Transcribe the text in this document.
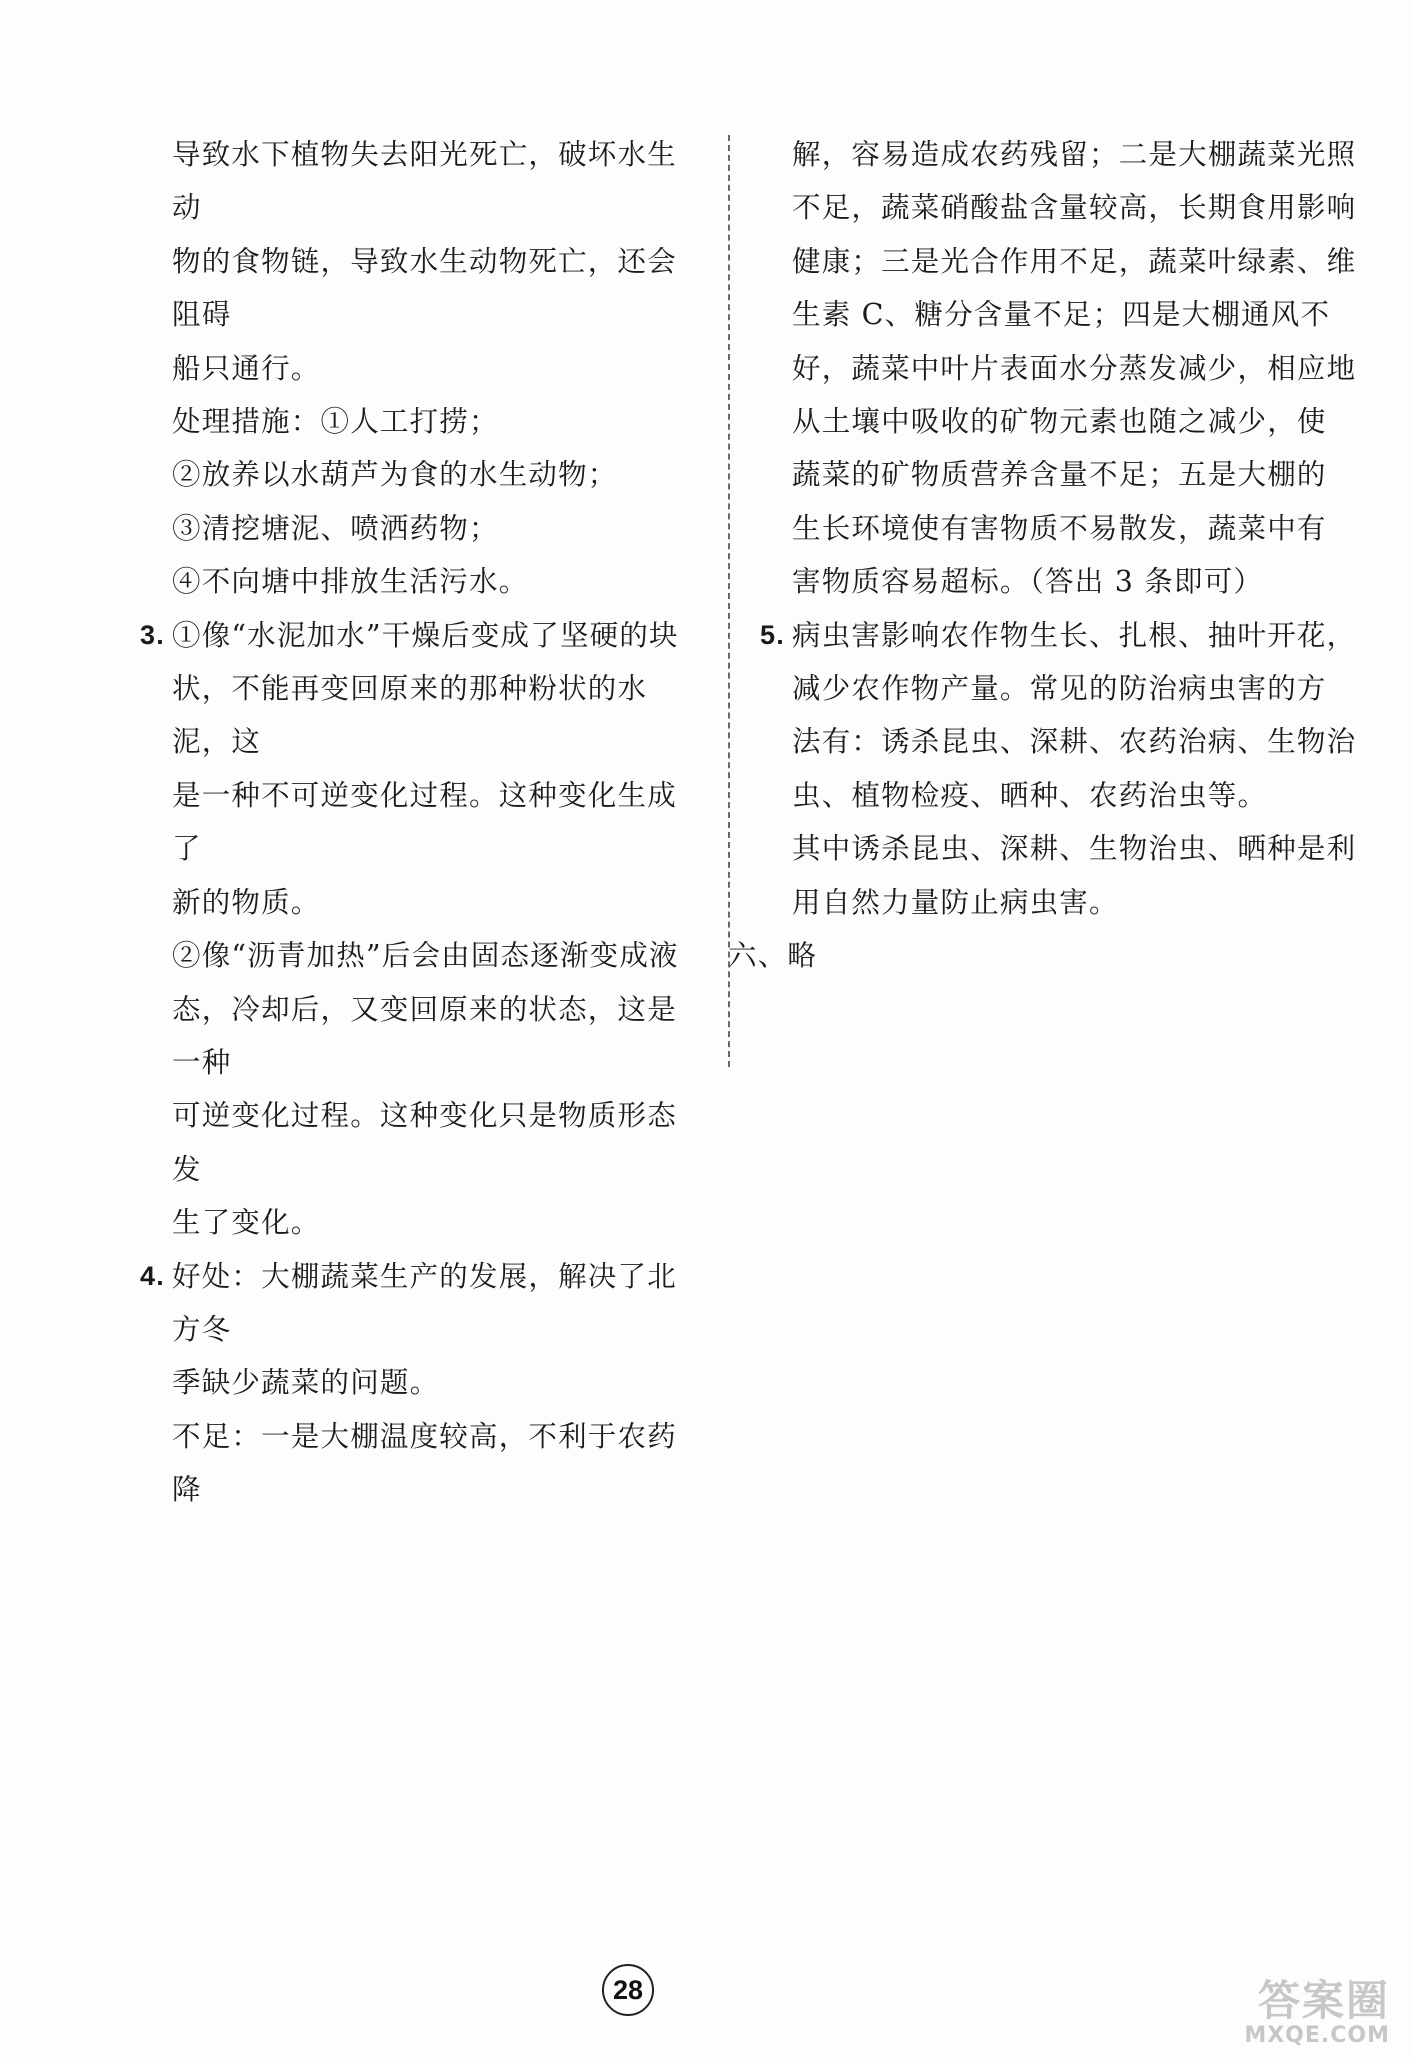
导致水下植物失去阳光死亡，破坏水生动
物的食物链，导致水生动物死亡，还会阻碍
船只通行。
处理措施：①人工打捞；
②放养以水葫芦为食的水生动物；
③清挖塘泥、喷洒药物；
④不向塘中排放生活污水。
3. ①像“水泥加水”干燥后变成了坚硬的块
状，不能再变回原来的那种粉状的水泥，这
是一种不可逆变化过程。这种变化生成了
新的物质。
②像“沥青加热”后会由固态逐渐变成液
态，冷却后，又变回原来的状态，这是一种
可逆变化过程。这种变化只是物质形态发
生了变化。
4. 好处：大棚蔬菜生产的发展，解决了北方冬
季缺少蔬菜的问题。
不足：一是大棚温度较高，不利于农药降
解，容易造成农药残留；二是大棚蔬菜光照
不足，蔬菜硝酸盐含量较高，长期食用影响
健康；三是光合作用不足，蔬菜叶绿素、维
生素 C、糖分含量不足；四是大棚通风不
好，蔬菜中叶片表面水分蒸发减少，相应地
从土壤中吸收的矿物元素也随之减少，使
蔬菜的矿物质营养含量不足；五是大棚的
生长环境使有害物质不易散发，蔬菜中有
害物质容易超标。（答出 3 条即可）
5. 病虫害影响农作物生长、扎根、抽叶开花，
减少农作物产量。常见的防治病虫害的方
法有：诱杀昆虫、深耕、农药治病、生物治
虫、植物检疫、晒种、农药治虫等。
其中诱杀昆虫、深耕、生物治虫、晒种是利
用自然力量防止病虫害。
六、略
28	答案圈
MXQE.COM
